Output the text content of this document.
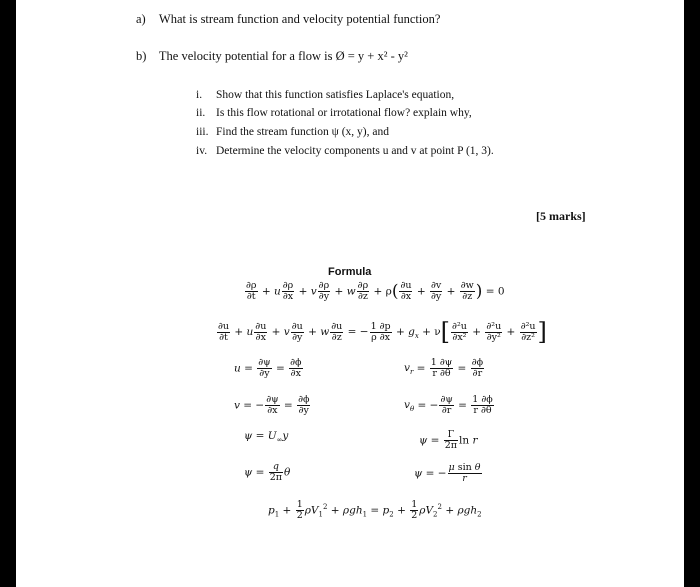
a) What is stream function and velocity potential function?
b) The velocity potential for a flow is Ø = y + x² - y²
i. Show that this function satisfies Laplace's equation,
ii. Is this flow rotational or irrotational flow? explain why,
iii. Find the stream function ψ (x, y), and
iv. Determine the velocity components u and v at point P (1, 3).
[5 marks]
Formula
$\frac{\partial\rho}{\partial t} + u \frac{\partial\rho}{\partial x} + v \frac{\partial\rho}{\partial y} + w \frac{\partial\rho}{\partial z} + \rho( \frac{\partial u}{\partial x} + \frac{\partial v}{\partial y} + \frac{\partial w}{\partial z}$ ) = 0
$\frac{\partial u}{\partial t} + u \frac{\partial u}{\partial x} + v \frac{\partial u}{\partial y} + w \frac{\partial u}{\partial z}$ = − $\frac{1 \partial p}{\rho \partial x} + g_x + \nu[ \frac{\text{∂²u}}{\text{∂x²}} + \frac{\text{∂²u}}{\text{∂y²}} + \frac{\text{∂²u}}{\text{∂z²}}$ ]
$u = \frac{\partial\psi}{\partial y} = \frac{\partial\phi}{\partial x}$
v = − $\frac{\partial\psi}{\partial x} = \frac{\partial\phi}{\partial y}$
$\psi = U_\infty y$
$\psi = \frac{q}{2\pi}$ θ
$v_r = \frac{1 \partial\psi}{r \partial\theta} = \frac{\partial\phi}{\partial r}$
$v_\theta$ = − $\frac{\partial\psi}{\partial r} = \frac{1 \partial\phi}{r \partial\theta}$
$\psi = \frac{\Gamma}{2\pi}$ ln r
ψ = − $\frac{\text{μ sin θ}}{r}$
$p_1 + \frac{1}{2} \rho V_1^2 + \rho gh_1 = p_2 + \frac{1}{2} \rho V_2^2 + \rho gh_2$
